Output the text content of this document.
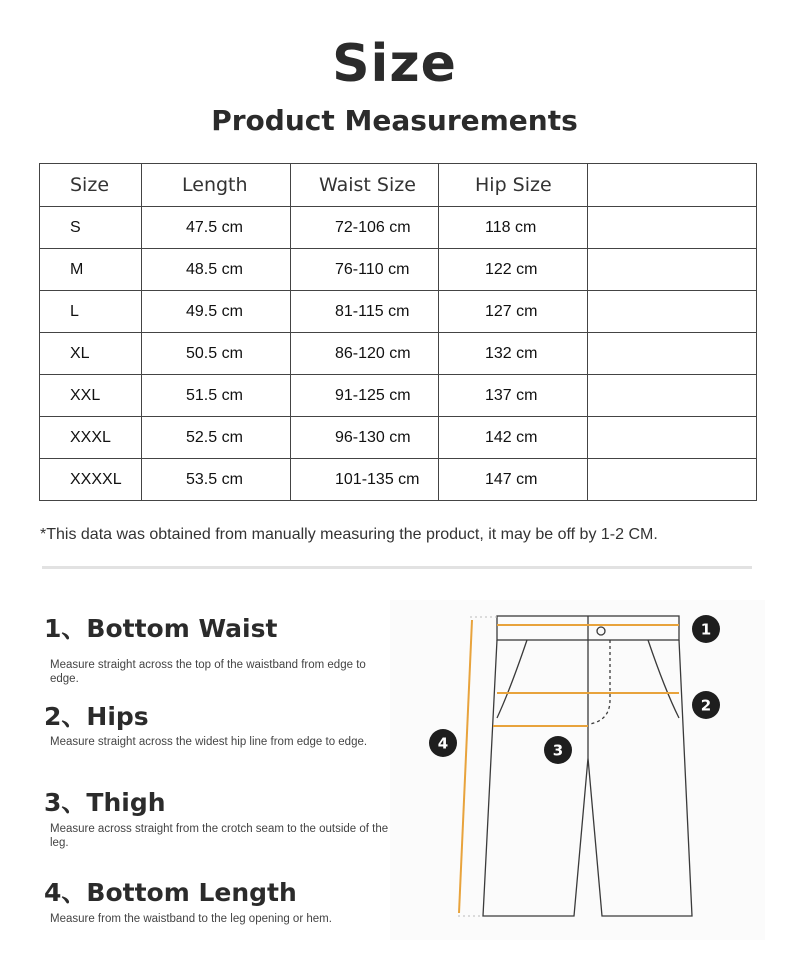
Size
Product Measurements
Size	Length	Waist Size	Hip Size	
S	47.5 cm	72-106 cm	118 cm	
M	48.5 cm	76-110 cm	122 cm	
L	49.5 cm	81-115 cm	127 cm	
XL	50.5 cm	86-120 cm	132 cm	
XXL	51.5 cm	91-125 cm	137 cm	
XXXL	52.5 cm	96-130 cm	142 cm	
XXXXL	53.5 cm	101-135 cm	147 cm	
*This data was obtained from manually measuring the product, it may be off by 1-2 CM.
1、Bottom Waist
Measure straight across the top of the waistband from edge to edge.
2、Hips
Measure straight across the widest hip line from edge to edge.
3、Thigh
Measure across straight from the crotch seam to the outside of the leg.
4、Bottom Length
Measure from the waistband to the leg opening or hem.
1
2
3
4
